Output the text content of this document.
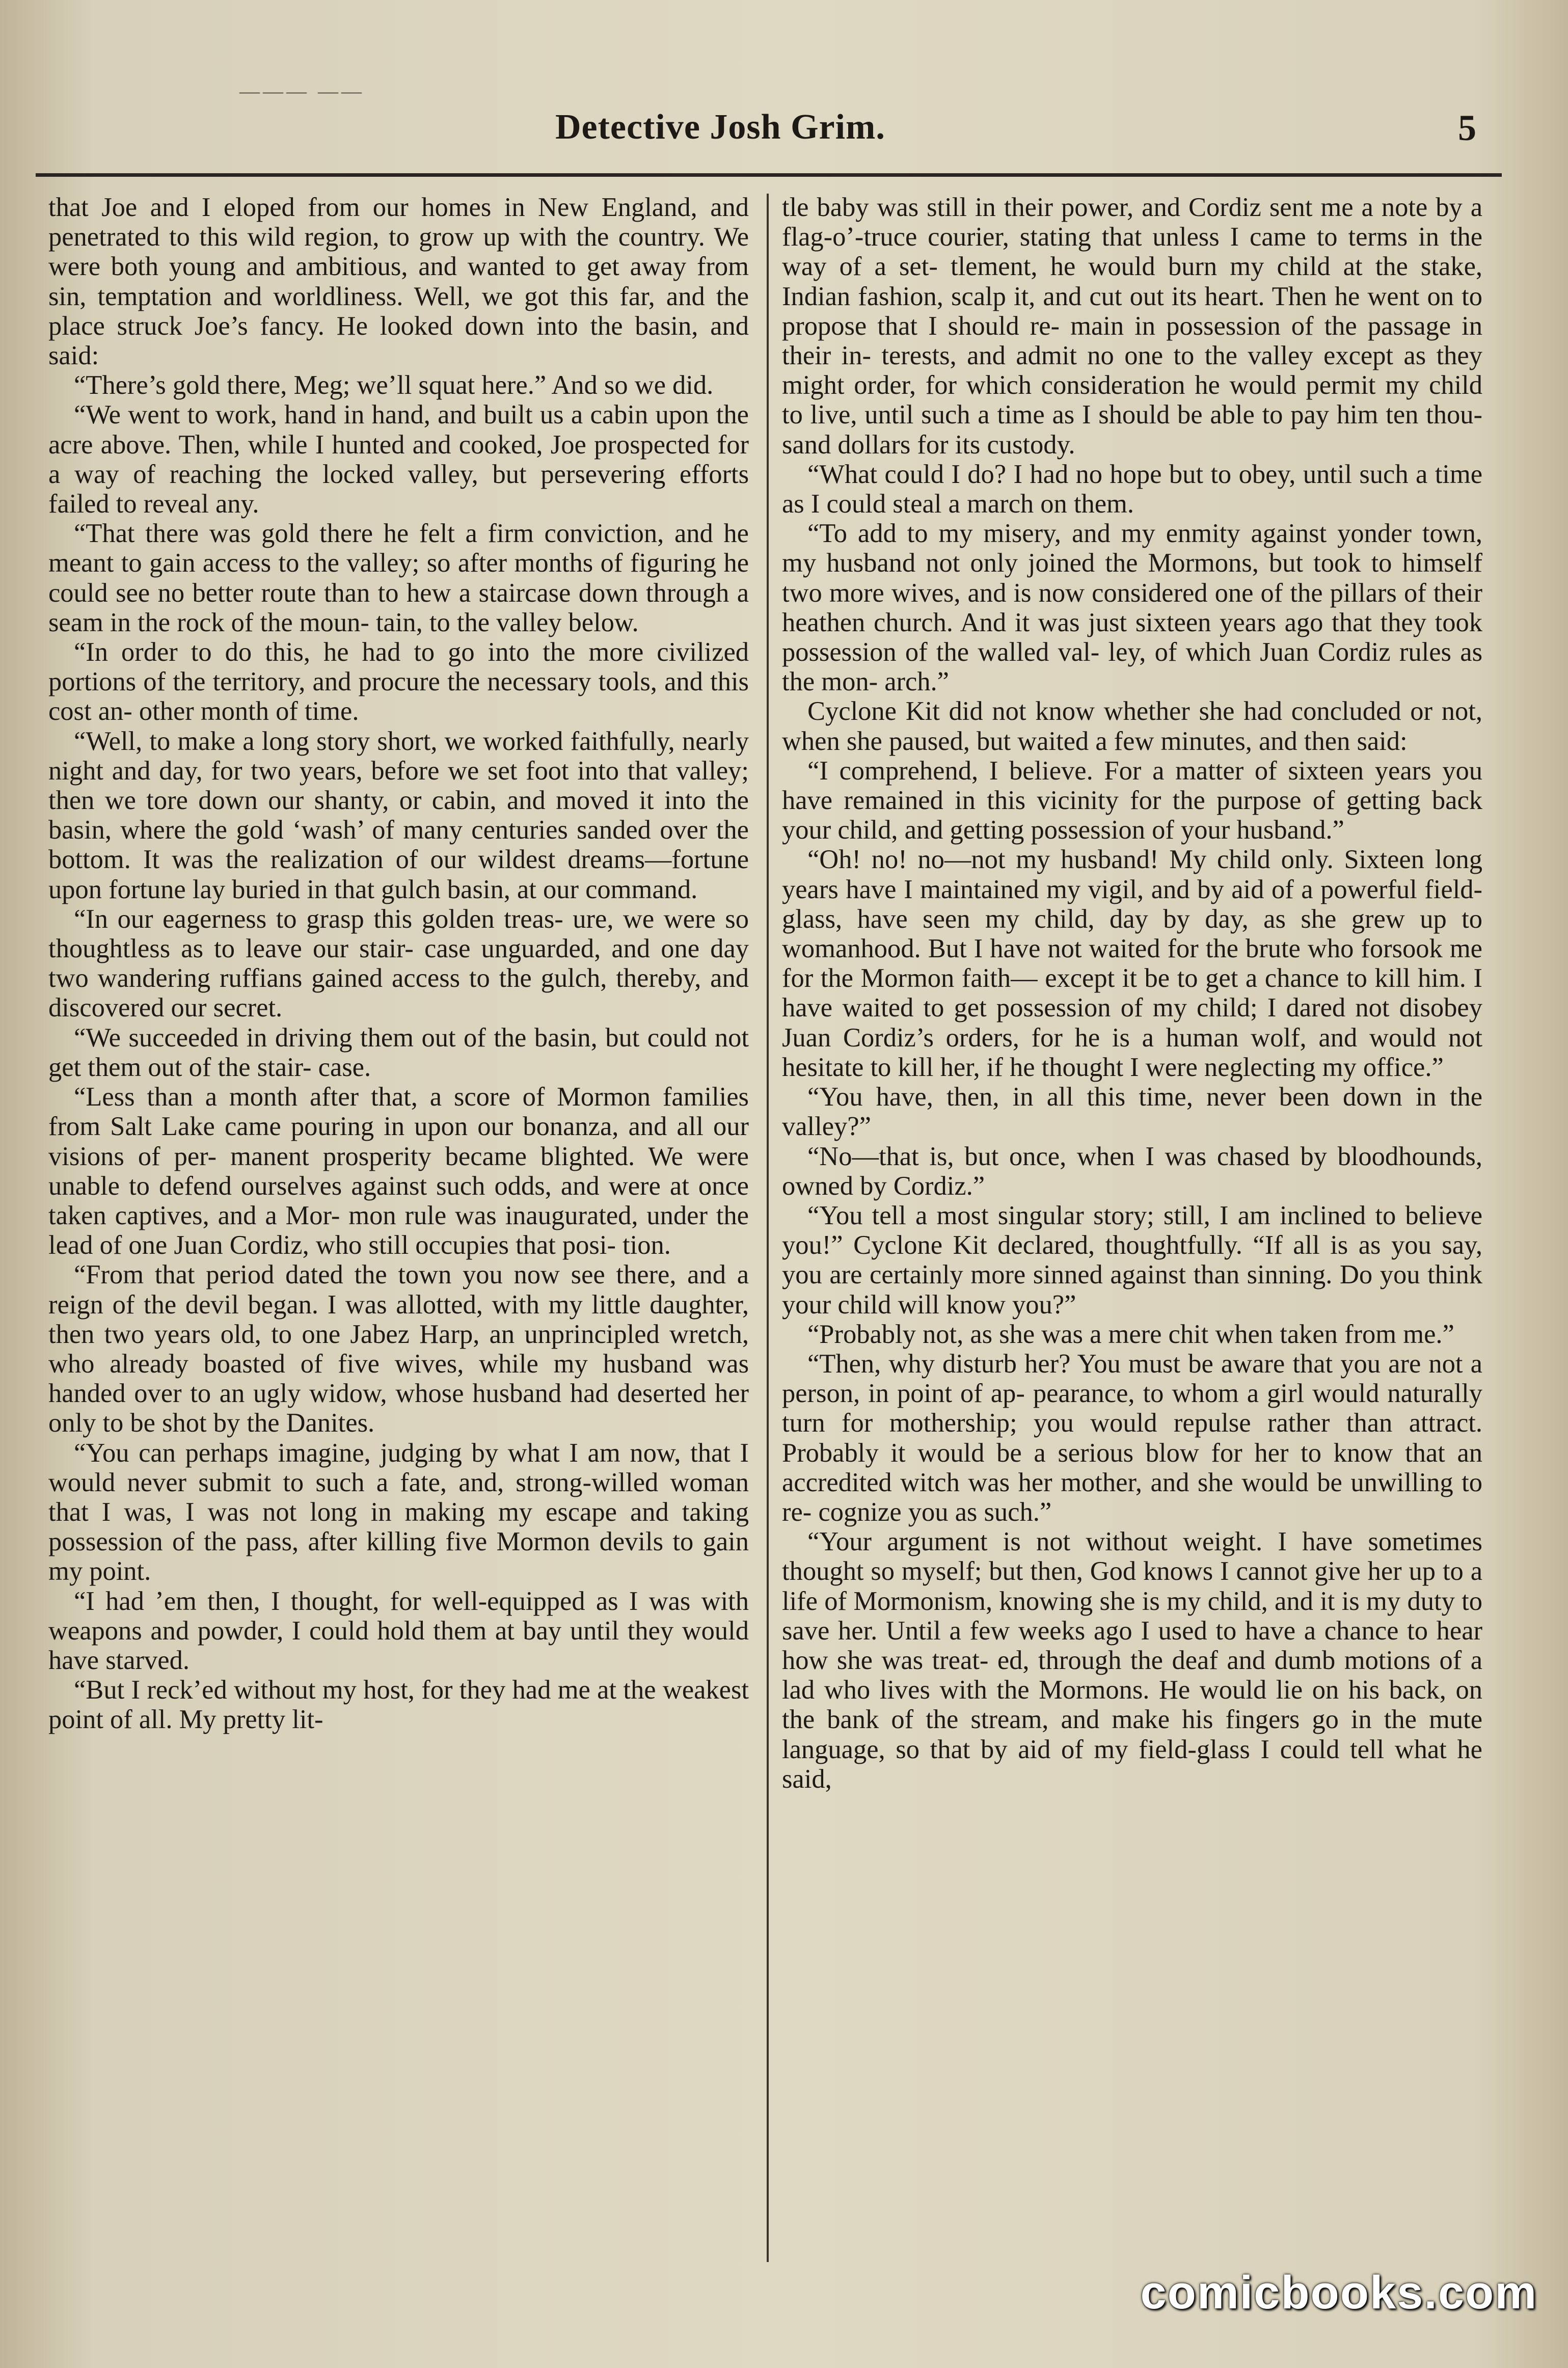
——— ——
Detective Josh Grim.	5

that Joe and I eloped from our homes in New England, and penetrated to this wild region, to grow up with the country. We were both young and ambitious, and wanted to get away from sin, temptation and worldliness. Well, we got this far, and the place struck Joe’s fancy. He looked down into the basin, and said:

“There’s gold there, Meg; we’ll squat here.” And so we did.

“We went to work, hand in hand, and built us a cabin upon the acre above. Then, while I hunted and cooked, Joe prospected for a way of reaching the locked valley, but persevering efforts failed to reveal any.

“That there was gold there he felt a firm conviction, and he meant to gain access to the valley; so after months of figuring he could see no better route than to hew a staircase down through a seam in the rock of the moun- tain, to the valley below.

“In order to do this, he had to go into the more civilized portions of the territory, and procure the necessary tools, and this cost an- other month of time.

“Well, to make a long story short, we worked faithfully, nearly night and day, for two years, before we set foot into that valley; then we tore down our shanty, or cabin, and moved it into the basin, where the gold ‘wash’ of many centuries sanded over the bottom. It was the realization of our wildest dreams—fortune upon fortune lay buried in that gulch basin, at our command.

“In our eagerness to grasp this golden treas- ure, we were so thoughtless as to leave our stair- case unguarded, and one day two wandering ruffians gained access to the gulch, thereby, and discovered our secret.

“We succeeded in driving them out of the basin, but could not get them out of the stair- case.

“Less than a month after that, a score of Mormon families from Salt Lake came pouring in upon our bonanza, and all our visions of per- manent prosperity became blighted. We were unable to defend ourselves against such odds, and were at once taken captives, and a Mor- mon rule was inaugurated, under the lead of one Juan Cordiz, who still occupies that posi- tion.

“From that period dated the town you now see there, and a reign of the devil began. I was allotted, with my little daughter, then two years old, to one Jabez Harp, an unprincipled wretch, who already boasted of five wives, while my husband was handed over to an ugly widow, whose husband had deserted her only to be shot by the Danites.

“You can perhaps imagine, judging by what I am now, that I would never submit to such a fate, and, strong-willed woman that I was, I was not long in making my escape and taking possession of the pass, after killing five Mormon devils to gain my point.

“I had ’em then, I thought, for well-equipped as I was with weapons and powder, I could hold them at bay until they would have starved.

“But I reck’ed without my host, for they had me at the weakest point of all. My pretty lit-

tle baby was still in their power, and Cordiz sent me a note by a flag-o’-truce courier, stating that unless I came to terms in the way of a set- tlement, he would burn my child at the stake, Indian fashion, scalp it, and cut out its heart. Then he went on to propose that I should re- main in possession of the passage in their in- terests, and admit no one to the valley except as they might order, for which consideration he would permit my child to live, until such a time as I should be able to pay him ten thou- sand dollars for its custody.

“What could I do? I had no hope but to obey, until such a time as I could steal a march on them.

“To add to my misery, and my enmity against yonder town, my husband not only joined the Mormons, but took to himself two more wives, and is now considered one of the pillars of their heathen church. And it was just sixteen years ago that they took possession of the walled val- ley, of which Juan Cordiz rules as the mon- arch.”

Cyclone Kit did not know whether she had concluded or not, when she paused, but waited a few minutes, and then said:

“I comprehend, I believe. For a matter of sixteen years you have remained in this vicinity for the purpose of getting back your child, and getting possession of your husband.”

“Oh! no! no—not my husband! My child only. Sixteen long years have I maintained my vigil, and by aid of a powerful field-glass, have seen my child, day by day, as she grew up to womanhood. But I have not waited for the brute who forsook me for the Mormon faith— except it be to get a chance to kill him. I have waited to get possession of my child; I dared not disobey Juan Cordiz’s orders, for he is a human wolf, and would not hesitate to kill her, if he thought I were neglecting my office.”

“You have, then, in all this time, never been down in the valley?”

“No—that is, but once, when I was chased by bloodhounds, owned by Cordiz.”

“You tell a most singular story; still, I am inclined to believe you!” Cyclone Kit declared, thoughtfully. “If all is as you say, you are certainly more sinned against than sinning. Do you think your child will know you?”

“Probably not, as she was a mere chit when taken from me.”

“Then, why disturb her? You must be aware that you are not a person, in point of ap- pearance, to whom a girl would naturally turn for mothership; you would repulse rather than attract. Probably it would be a serious blow for her to know that an accredited witch was her mother, and she would be unwilling to re- cognize you as such.”

“Your argument is not without weight. I have sometimes thought so myself; but then, God knows I cannot give her up to a life of Mormonism, knowing she is my child, and it is my duty to save her. Until a few weeks ago I used to have a chance to hear how she was treat- ed, through the deaf and dumb motions of a lad who lives with the Mormons. He would lie on his back, on the bank of the stream, and make his fingers go in the mute language, so that by aid of my field-glass I could tell what he said,

comicbooks.com
